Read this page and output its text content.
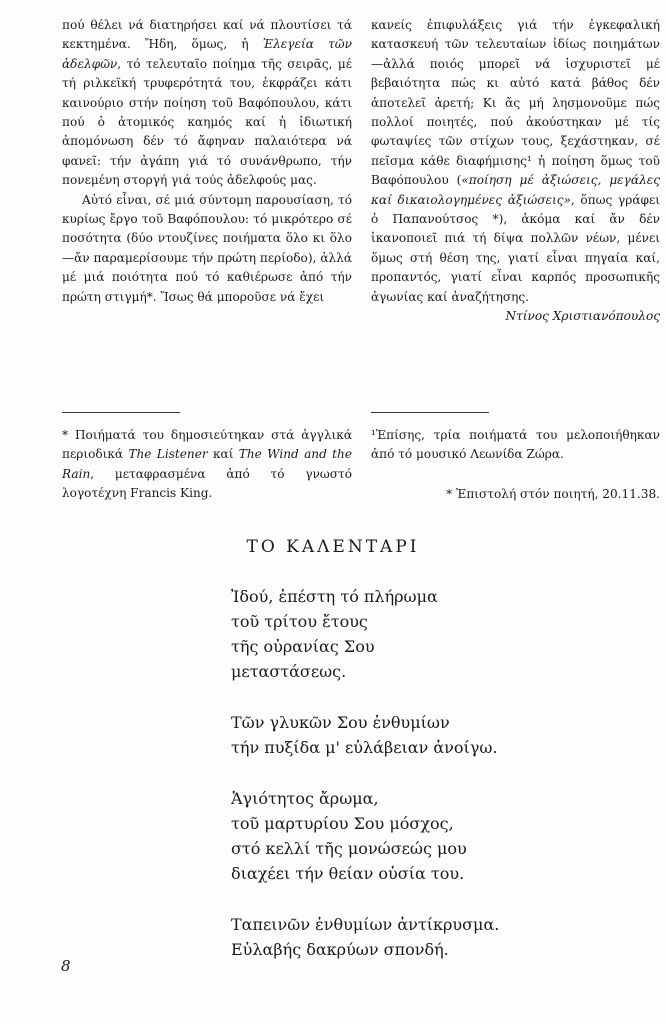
πού θέλει νά διατηρήσει καί νά πλουτίσει τά κεκτημένα. Ἤδη, ὅμως, ἡ Ἐλεγεία τῶν ἀδελφῶν, τό τελευταῖο ποίημα τῆς σειρᾶς, μέ τή ριλκεϊκή τρυφερότητά του, ἐκφράζει κάτι καινούριο στήν ποίηση τοῦ Βαφόπουλου, κάτι πού ὁ ἀτομικός καημός καί ἡ ἰδιωτική ἀπομόνωση δέν τό ἄφηναν παλαιότερα νά φανεῖ: τήν ἀγάπη γιά τό συνάνθρωπο, τήν πονεμένη στοργή γιά τούς ἀδελφούς μας.

Αὐτό εἶναι, σέ μιά σύντομη παρουσίαση, τό κυρίως ἔργο τοῦ Βαφόπουλου: τό μικρότερο σέ ποσότητα (δύο ντουζίνες ποιήματα ὅλο κι ὅλο—ἄν παραμερίσουμε τήν πρώτη περίοδο), ἀλλά μέ μιά ποιότητα πού τό καθιέρωσε ἀπό τήν πρώτη στιγμή*. Ἴσως θά μποροῦσε νά ἔχει

κανείς ἐπιφυλάξεις γιά τήν ἐγκεφαλική κατασκευή τῶν τελευταίων ἰδίως ποιημάτων—ἀλλά ποιός μπορεῖ νά ἰσχυριστεῖ μέ βεβαιότητα πώς κι αὐτό κατά βάθος δέν ἀποτελεῖ ἀρετή; Κι ἄς μή λησμονοῦμε πώς πολλοί ποιητές, πού ἀκούστηκαν μέ τίς φωταψίες τῶν στίχων τους, ξεχάστηκαν, σέ πεῖσμα κάθε διαφήμισης¹ ἡ ποίηση ὅμως τοῦ Βαφόπουλου («ποίηση μέ ἀξιώσεις, μεγάλες καί δικαιολογημένες ἀξιώσεις», ὅπως γράφει ὁ Παπανούτσος *), ἀκόμα καί ἄν δέν ἱκανοποιεῖ πιά τή δίψα πολλῶν νέων, μένει ὅμως στή θέση της, γιατί εἶναι πηγαία καί, προπαντός, γιατί εἶναι καρπός προσωπικῆς ἀγωνίας καί ἀναζήτησης.

Ντίνος Χριστιανόπουλος

* Ποιήματά του δημοσιεύτηκαν στά ἀγγλικά περιοδικά The Listener καί The Wind and the Rain, μεταφρασμένα ἀπό τό γνωστό λογοτέχνη Francis King.
¹Ἐπίσης, τρία ποιήματά του μελοποιήθηκαν ἀπό τό μουσικό Λεωνίδα Ζώρα.
* Ἐπιστολή στόν ποιητή, 20.11.38.
ΤΟ ΚΑΛΕΝΤΑΡΙ
Ἰδού, ἐπέστη τό πλήρωμα
τοῦ τρίτου ἔτους
τῆς οὐρανίας Σου
μεταστάσεως.
Τῶν γλυκῶν Σου ἐνθυμίων
τήν πυξίδα μ' εὐλάβειαν ἀνοίγω.
Ἁγιότητος ἄρωμα,
τοῦ μαρτυρίου Σου μόσχος,
στό κελλί τῆς μονώσεώς μου
διαχέει τήν θείαν οὐσία του.
Ταπεινῶν ἐνθυμίων ἀντίκρυσμα.
Εὐλαβής δακρύων σπονδή.
8
